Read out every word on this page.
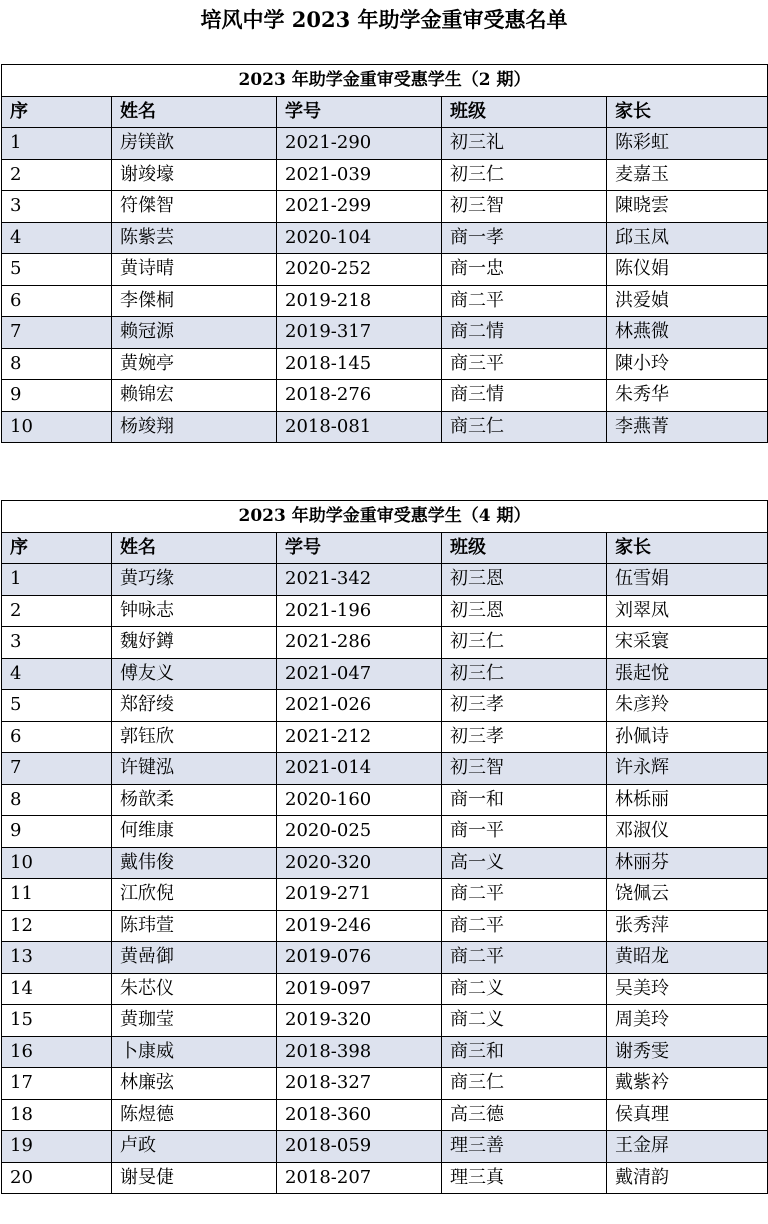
培风中学 2023 年助学金重审受惠名单
2023 年助学金重审受惠学生（2 期）				
序	姓名	学号	班级	家长
1	房镁歆	2021-290	初三礼	陈彩虹
2	谢竣壕	2021-039	初三仁	麦嘉玉
3	符傑智	2021-299	初三智	陳晓雲
4	陈紫芸	2020-104	商一孝	邱玉凤
5	黄诗晴	2020-252	商一忠	陈仪娟
6	李傑桐	2019-218	商二平	洪爱媜
7	赖冠源	2019-317	商二情	林燕微
8	黄婉亭	2018-145	商三平	陳小玲
9	赖锦宏	2018-276	商三情	朱秀华
10	杨竣翔	2018-081	商三仁	李燕菁
2023 年助学金重审受惠学生（4 期）				
序	姓名	学号	班级	家长
1	黄巧缘	2021-342	初三恩	伍雪娟
2	钟咏志	2021-196	初三恩	刘翠凤
3	魏妤鐏	2021-286	初三仁	宋采寰
4	傅友义	2021-047	初三仁	張起悅
5	郑舒绫	2021-026	初三孝	朱彦羚
6	郭钰欣	2021-212	初三孝	孙佩诗
7	许键泓	2021-014	初三智	许永辉
8	杨歆柔	2020-160	商一和	林栎丽
9	何维康	2020-025	商一平	邓淑仪
10	戴伟俊	2020-320	高一义	林丽芬
11	江欣倪	2019-271	商二平	饶佩云
12	陈玮萱	2019-246	商二平	张秀萍
13	黄喦御	2019-076	商二平	黄昭龙
14	朱芯仪	2019-097	商二义	吴美玲
15	黄珈莹	2019-320	商二义	周美玲
16	卜康威	2018-398	商三和	谢秀雯
17	林廉弦	2018-327	商三仁	戴紫衿
18	陈煜德	2018-360	高三德	侯真理
19	卢政	2018-059	理三善	王金屏
20	谢旻倢	2018-207	理三真	戴清韵
